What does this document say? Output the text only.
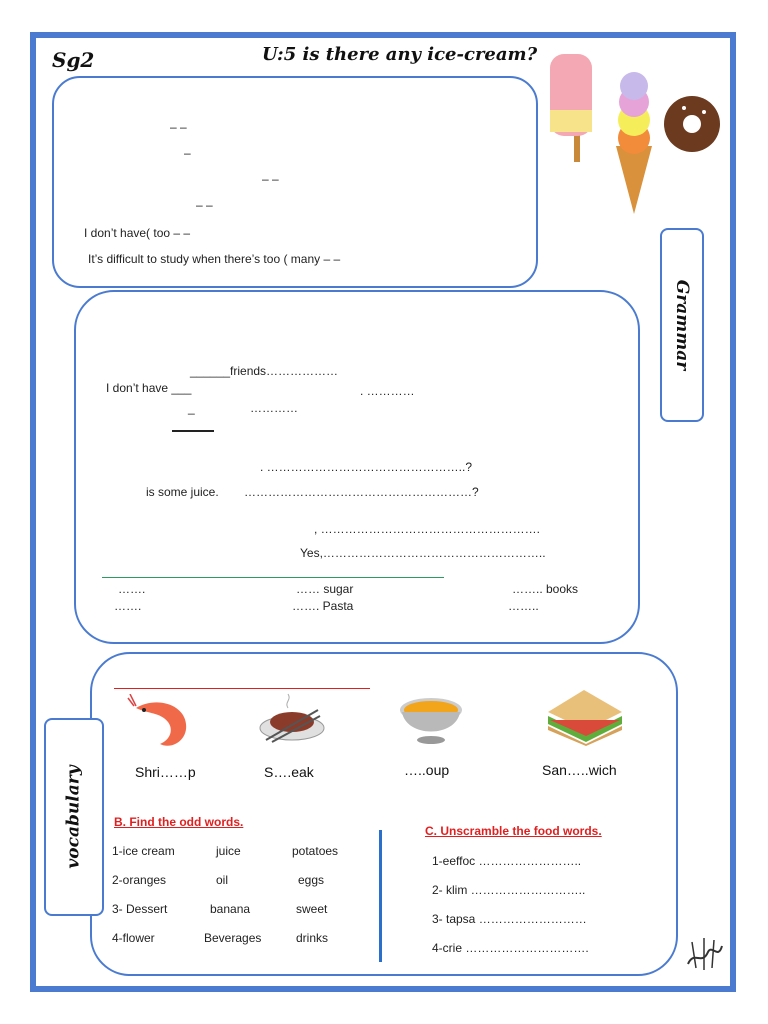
Sg2	U:5 is there any ice-cream?
– –
–
– –
– –
I don’t have( too – –
It’s difficult to study when there’s too ( many – –
Grammar
______friends………………
I don’t have ___	. …………
_	…………
. …………………………………………..?
is some juice. …………………………………………………?
, ……………………………………………….
Yes,………………………………………………..
…….	…… sugar	…….. books
…….	……. Pasta	……..
vocabulary	Shri……p	S….eak	…..oup	San…..wich
B. Find the odd words.
1-ice cream	juice	potatoes
2-oranges	oil	eggs
3- Dessert	banana	sweet
4-flower	Beverages	drinks
C. Unscramble the food words.
1-eeffoc ……………………..
2- klim ………………………..
3- tapsa ………………………
4-crie ………………………….
